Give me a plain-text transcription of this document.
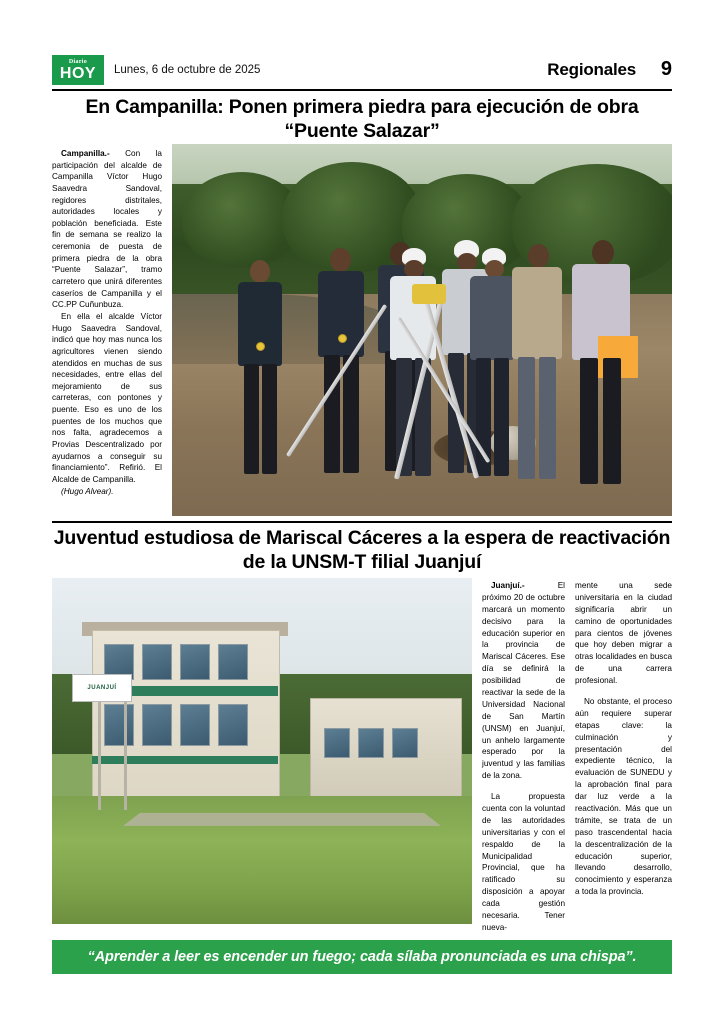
Diario
HOY	Lunes, 6 de octubre de 2025	Regionales 9
En Campanilla: Ponen primera piedra para ejecución de obra “Puente Salazar”

Campanilla.- Con la participación del alcalde de Campanilla Víctor Hugo Saavedra Sandoval, regidores distritales, autoridades locales y población beneficiada. Este fin de semana se realizo la ceremonia de puesta de primera piedra de la obra “Puente Salazar”, tramo carretero que unirá diferentes caseríos de Campanilla y el CC.PP Cuñunbuza.

En ella el alcalde Víctor Hugo Saavedra Sandoval, indicó que hoy mas nunca los agricultores vienen siendo atendidos en muchas de sus necesidades, entre ellas del mejoramiento de sus carreteras, con pontones y puente. Eso es uno de los puentes de los muchos que nos falta, agradecemos a Provias Descentralizado por ayudarnos a conseguir su financiamiento”. Refirió. El Alcalde de Campanilla.

(Hugo Alvear).

Juventud estudiosa de Mariscal Cáceres a la espera de reactivación de la UNSM-T filial Juanjuí
JUANJUÍ

Juanjuí.- El próximo 20 de octubre marcará un momento decisivo para la educación superior en la provincia de Mariscal Cáceres. Ese día se definirá la posibilidad de reactivar la sede de la Universidad Nacional de San Martín (UNSM) en Juanjuí, un anhelo largamente esperado por la juventud y las familias de la zona.

La propuesta cuenta con la voluntad de las autoridades universitarias y con el respaldo de la Municipalidad Provincial, que ha ratificado su disposición a apoyar cada gestión necesaria. Tener nueva-

mente una sede universitaria en la ciudad significaría abrir un camino de oportunidades para cientos de jóvenes que hoy deben migrar a otras localidades en busca de una carrera profesional.

No obstante, el proceso aún requiere superar etapas clave: la culminación y presentación del expediente técnico, la evaluación de SUNEDU y la aprobación final para dar luz verde a la reactivación. Más que un trámite, se trata de un paso trascendental hacia la descentralización de la educación superior, llevando desarrollo, conocimiento y esperanza a toda la provincia.

“Aprender a leer es encender un fuego; cada sílaba pronunciada es una chispa”.
